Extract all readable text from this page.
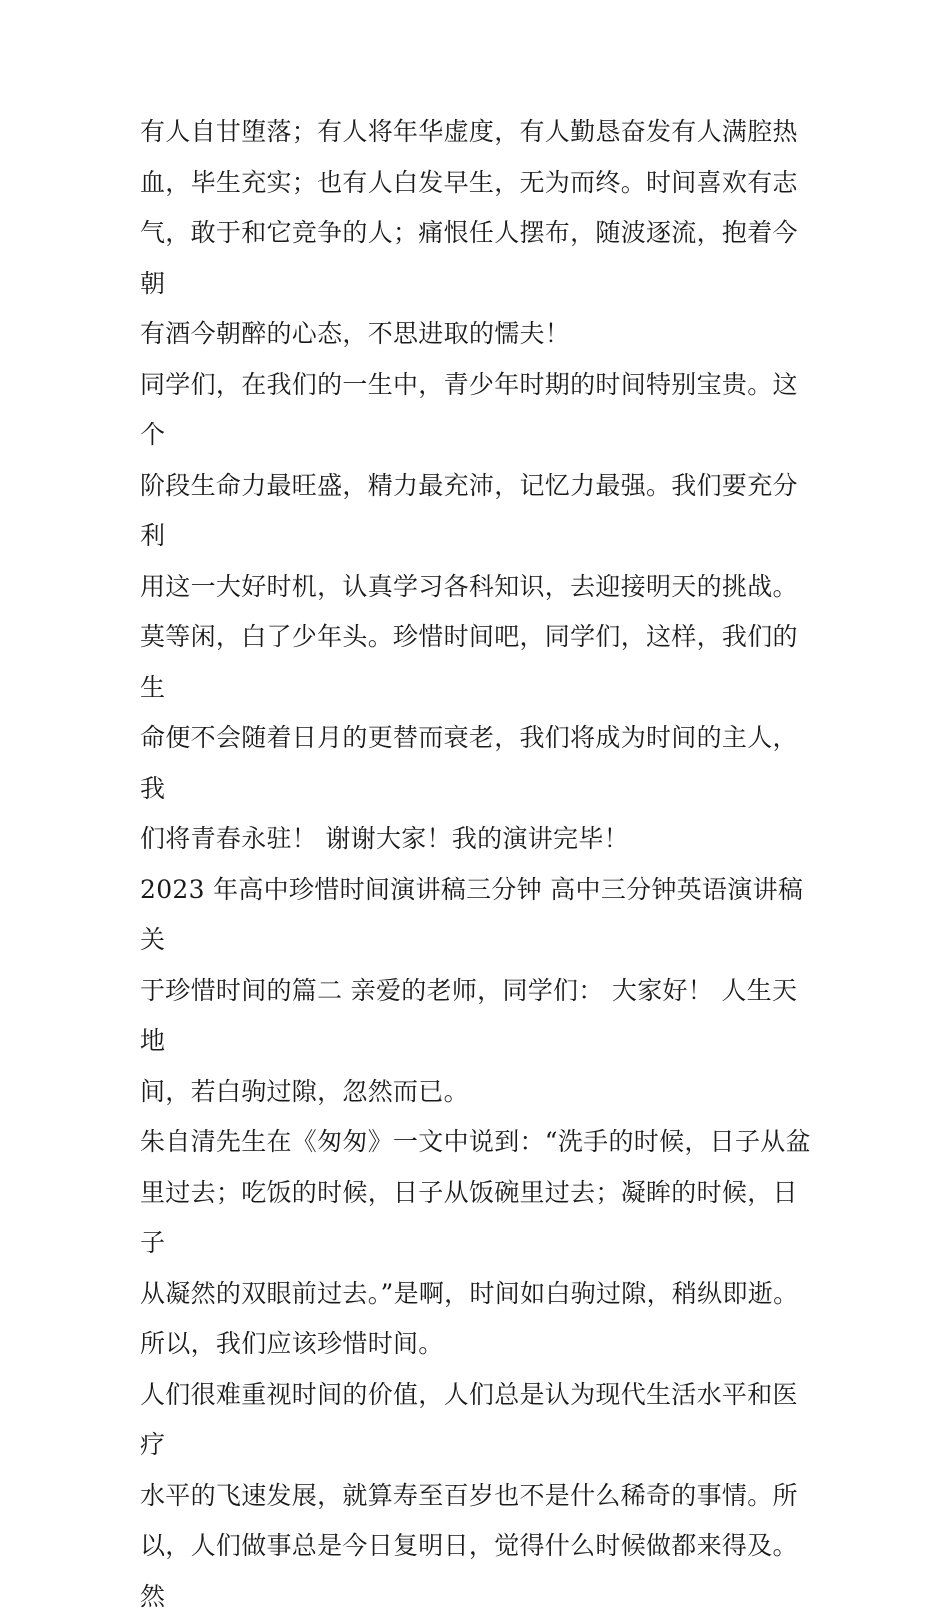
有人自甘堕落；有人将年华虚度，有人勤恳奋发有人满腔热
血，毕生充实；也有人白发早生，无为而终。时间喜欢有志
气，敢于和它竞争的人；痛恨任人摆布，随波逐流，抱着今朝
有酒今朝醉的心态，不思进取的懦夫！

同学们，在我们的一生中，青少年时期的时间特别宝贵。这个
阶段生命力最旺盛，精力最充沛，记忆力最强。我们要充分利
用这一大好时机，认真学习各科知识，去迎接明天的挑战。

莫等闲，白了少年头。珍惜时间吧，同学们，这样，我们的生
命便不会随着日月的更替而衰老，我们将成为时间的主人，我
们将青春永驻！ 谢谢大家！我的演讲完毕！

2023 年高中珍惜时间演讲稿三分钟 高中三分钟英语演讲稿关
于珍惜时间的篇二 亲爱的老师，同学们： 大家好！ 人生天地
间，若白驹过隙，忽然而已。

朱自清先生在《匆匆》一文中说到：“洗手的时候，日子从盆
里过去；吃饭的时候，日子从饭碗里过去；凝眸的时候，日子
从凝然的双眼前过去。”是啊，时间如白驹过隙，稍纵即逝。
所以，我们应该珍惜时间。

人们很难重视时间的价值，人们总是认为现代生活水平和医疗
水平的飞速发展，就算寿至百岁也不是什么稀奇的事情。所
以，人们做事总是今日复明日，觉得什么时候做都来得及。然
